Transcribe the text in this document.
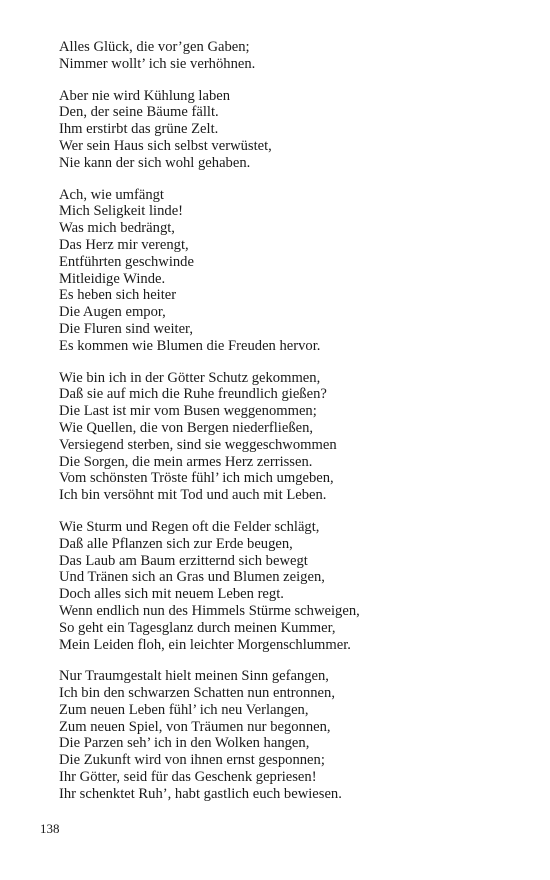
Alles Glück, die vor’gen Gaben;
Nimmer wollt’ ich sie verhöhnen.
Aber nie wird Kühlung laben
Den, der seine Bäume fällt.
Ihm erstirbt das grüne Zelt.
Wer sein Haus sich selbst verwüstet,
Nie kann der sich wohl gehaben.
Ach, wie umfängt
Mich Seligkeit linde!
Was mich bedrängt,
Das Herz mir verengt,
Entführten geschwinde
Mitleidige Winde.
Es heben sich heiter
Die Augen empor,
Die Fluren sind weiter,
Es kommen wie Blumen die Freuden hervor.
Wie bin ich in der Götter Schutz gekommen,
Daß sie auf mich die Ruhe freundlich gießen?
Die Last ist mir vom Busen weggenommen;
Wie Quellen, die von Bergen niederfließen,
Versiegend sterben, sind sie weggeschwommen
Die Sorgen, die mein armes Herz zerrissen.
Vom schönsten Tröste fühl’ ich mich umgeben,
Ich bin versöhnt mit Tod und auch mit Leben.
Wie Sturm und Regen oft die Felder schlägt,
Daß alle Pflanzen sich zur Erde beugen,
Das Laub am Baum erzitternd sich bewegt
Und Tränen sich an Gras und Blumen zeigen,
Doch alles sich mit neuem Leben regt.
Wenn endlich nun des Himmels Stürme schweigen,
So geht ein Tagesglanz durch meinen Kummer,
Mein Leiden floh, ein leichter Morgenschlummer.
Nur Traumgestalt hielt meinen Sinn gefangen,
Ich bin den schwarzen Schatten nun entronnen,
Zum neuen Leben fühl’ ich neu Verlangen,
Zum neuen Spiel, von Träumen nur begonnen,
Die Parzen seh’ ich in den Wolken hangen,
Die Zukunft wird von ihnen ernst gesponnen;
Ihr Götter, seid für das Geschenk gepriesen!
Ihr schenktet Ruh’, habt gastlich euch bewiesen.
138
